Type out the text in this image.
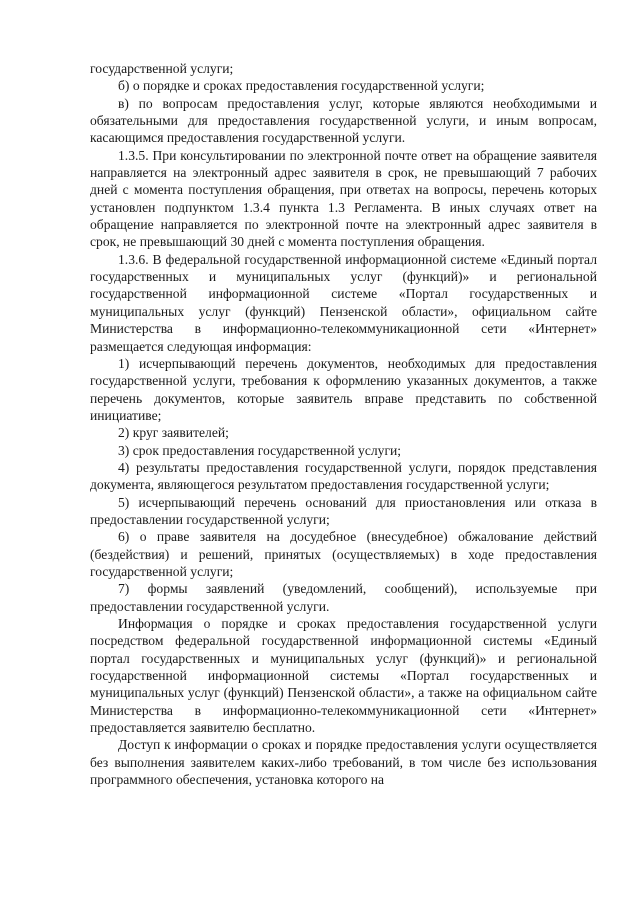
государственной услуги;

б) о порядке и сроках предоставления государственной услуги;

в) по вопросам предоставления услуг, которые являются необходимыми и обязательными для предоставления государственной услуги, и иным вопросам, касающимся предоставления государственной услуги.

1.3.5. При консультировании по электронной почте ответ на обращение заявителя направляется на электронный адрес заявителя в срок, не превышающий 7 рабочих дней с момента поступления обращения, при ответах на вопросы, перечень которых установлен подпунктом 1.3.4 пункта 1.3 Регламента. В иных случаях ответ на обращение направляется по электронной почте на электронный адрес заявителя в срок, не превышающий 30 дней с момента поступления обращения.

1.3.6. В федеральной государственной информационной системе «Единый портал государственных и муниципальных услуг (функций)» и региональной государственной информационной системе «Портал государственных и муниципальных услуг (функций) Пензенской области», официальном сайте Министерства в информационно-телекоммуникационной сети «Интернет» размещается следующая информация:

1) исчерпывающий перечень документов, необходимых для предоставления государственной услуги, требования к оформлению указанных документов, а также перечень документов, которые заявитель вправе представить по собственной инициативе;

2) круг заявителей;

3) срок предоставления государственной услуги;

4) результаты предоставления государственной услуги, порядок представления документа, являющегося результатом предоставления государственной услуги;

5) исчерпывающий перечень оснований для приостановления или отказа в предоставлении государственной услуги;

6) о праве заявителя на досудебное (внесудебное) обжалование действий (бездействия) и решений, принятых (осуществляемых) в ходе предоставления государственной услуги;

7) формы заявлений (уведомлений, сообщений), используемые при предоставлении государственной услуги.

Информация о порядке и сроках предоставления государственной услуги посредством федеральной государственной информационной системы «Единый портал государственных и муниципальных услуг (функций)» и региональной государственной информационной системы «Портал государственных и муниципальных услуг (функций) Пензенской области», а также на официальном сайте Министерства в информационно-телекоммуникационной сети «Интернет» предоставляется заявителю бесплатно.

Доступ к информации о сроках и порядке предоставления услуги осуществляется без выполнения заявителем каких-либо требований, в том числе без использования программного обеспечения, установка которого на
